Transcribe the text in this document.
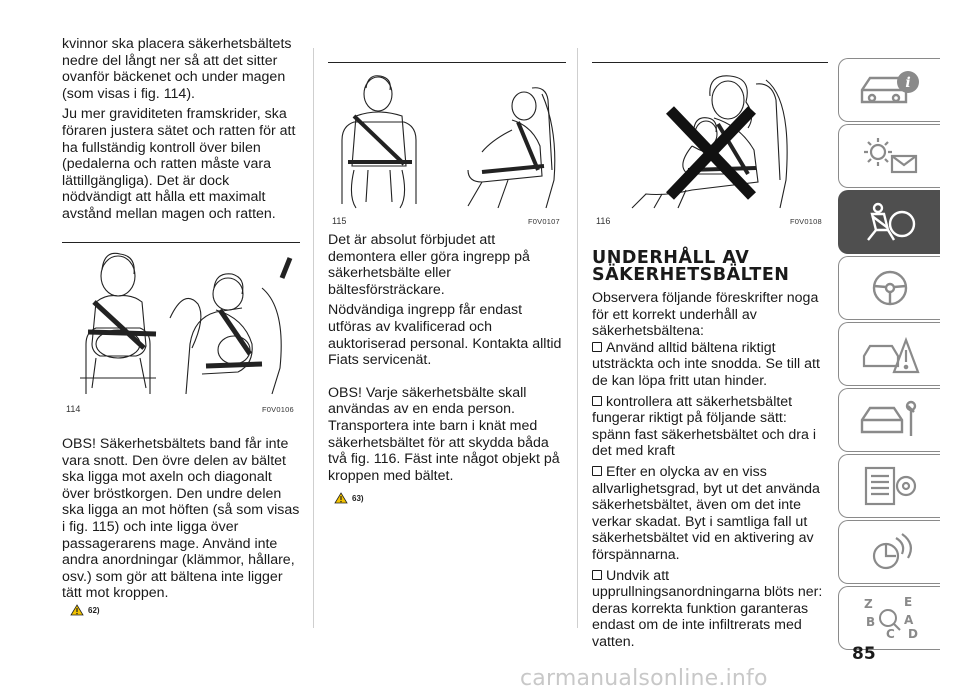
kvinnor ska placera säkerhetsbältets nedre del långt ner så att det sitter ovanför bäckenet och under magen (som visas i fig. 114).

Ju mer graviditeten framskrider, ska föraren justera sätet och ratten för att ha fullständig kontroll över bilen (pedalerna och ratten måste vara lättillgängliga). Det är dock nödvändigt att hålla ett maximalt avstånd mellan magen och ratten.

114	F0V0106

OBS! Säkerhetsbältets band får inte vara snott. Den övre delen av bältet ska ligga mot axeln och diagonalt över bröstkorgen. Den undre delen ska ligga an mot höften (så som visas i fig. 115) och inte ligga över passagerarens mage. Använd inte andra anordningar (klämmor, hållare, osv.) som gör att bältena inte ligger tätt mot kroppen.

62)
115	F0V0107

Det är absolut förbjudet att demontera eller göra ingrepp på säkerhetsbälte eller bältesförsträckare.

Nödvändiga ingrepp får endast utföras av kvalificerad och auktoriserad personal. Kontakta alltid Fiats servicenät.

OBS! Varje säkerhetsbälte skall användas av en enda person. Transportera inte barn i knät med säkerhetsbältet för att skydda båda två fig. 116. Fäst inte något objekt på kroppen med bältet.

63)
116	F0V0108
UNDERHÅLL AV
SÄKERHETSBÄLTEN

Observera följande föreskrifter noga för ett korrekt underhåll av säkerhetsbältena:

Använd alltid bältena riktigt utsträckta och inte snodda. Se till att de kan löpa fritt utan hinder.

kontrollera att säkerhetsbältet fungerar riktigt på följande sätt: spänn fast säkerhetsbältet och dra i det med kraft

Efter en olycka av en viss allvarlighetsgrad, byt ut det använda säkerhetsbältet, även om det inte verkar skadat. Byt i samtliga fall ut säkerhetsbältet vid en aktivering av förspännarna.

Undvik att upprullningsanordningarna blöts ner: deras korrekta funktion garanteras endast om de inte infiltrerats med vatten.

i
Z	E
B
C
A
D
85
carmanualsonline.info
